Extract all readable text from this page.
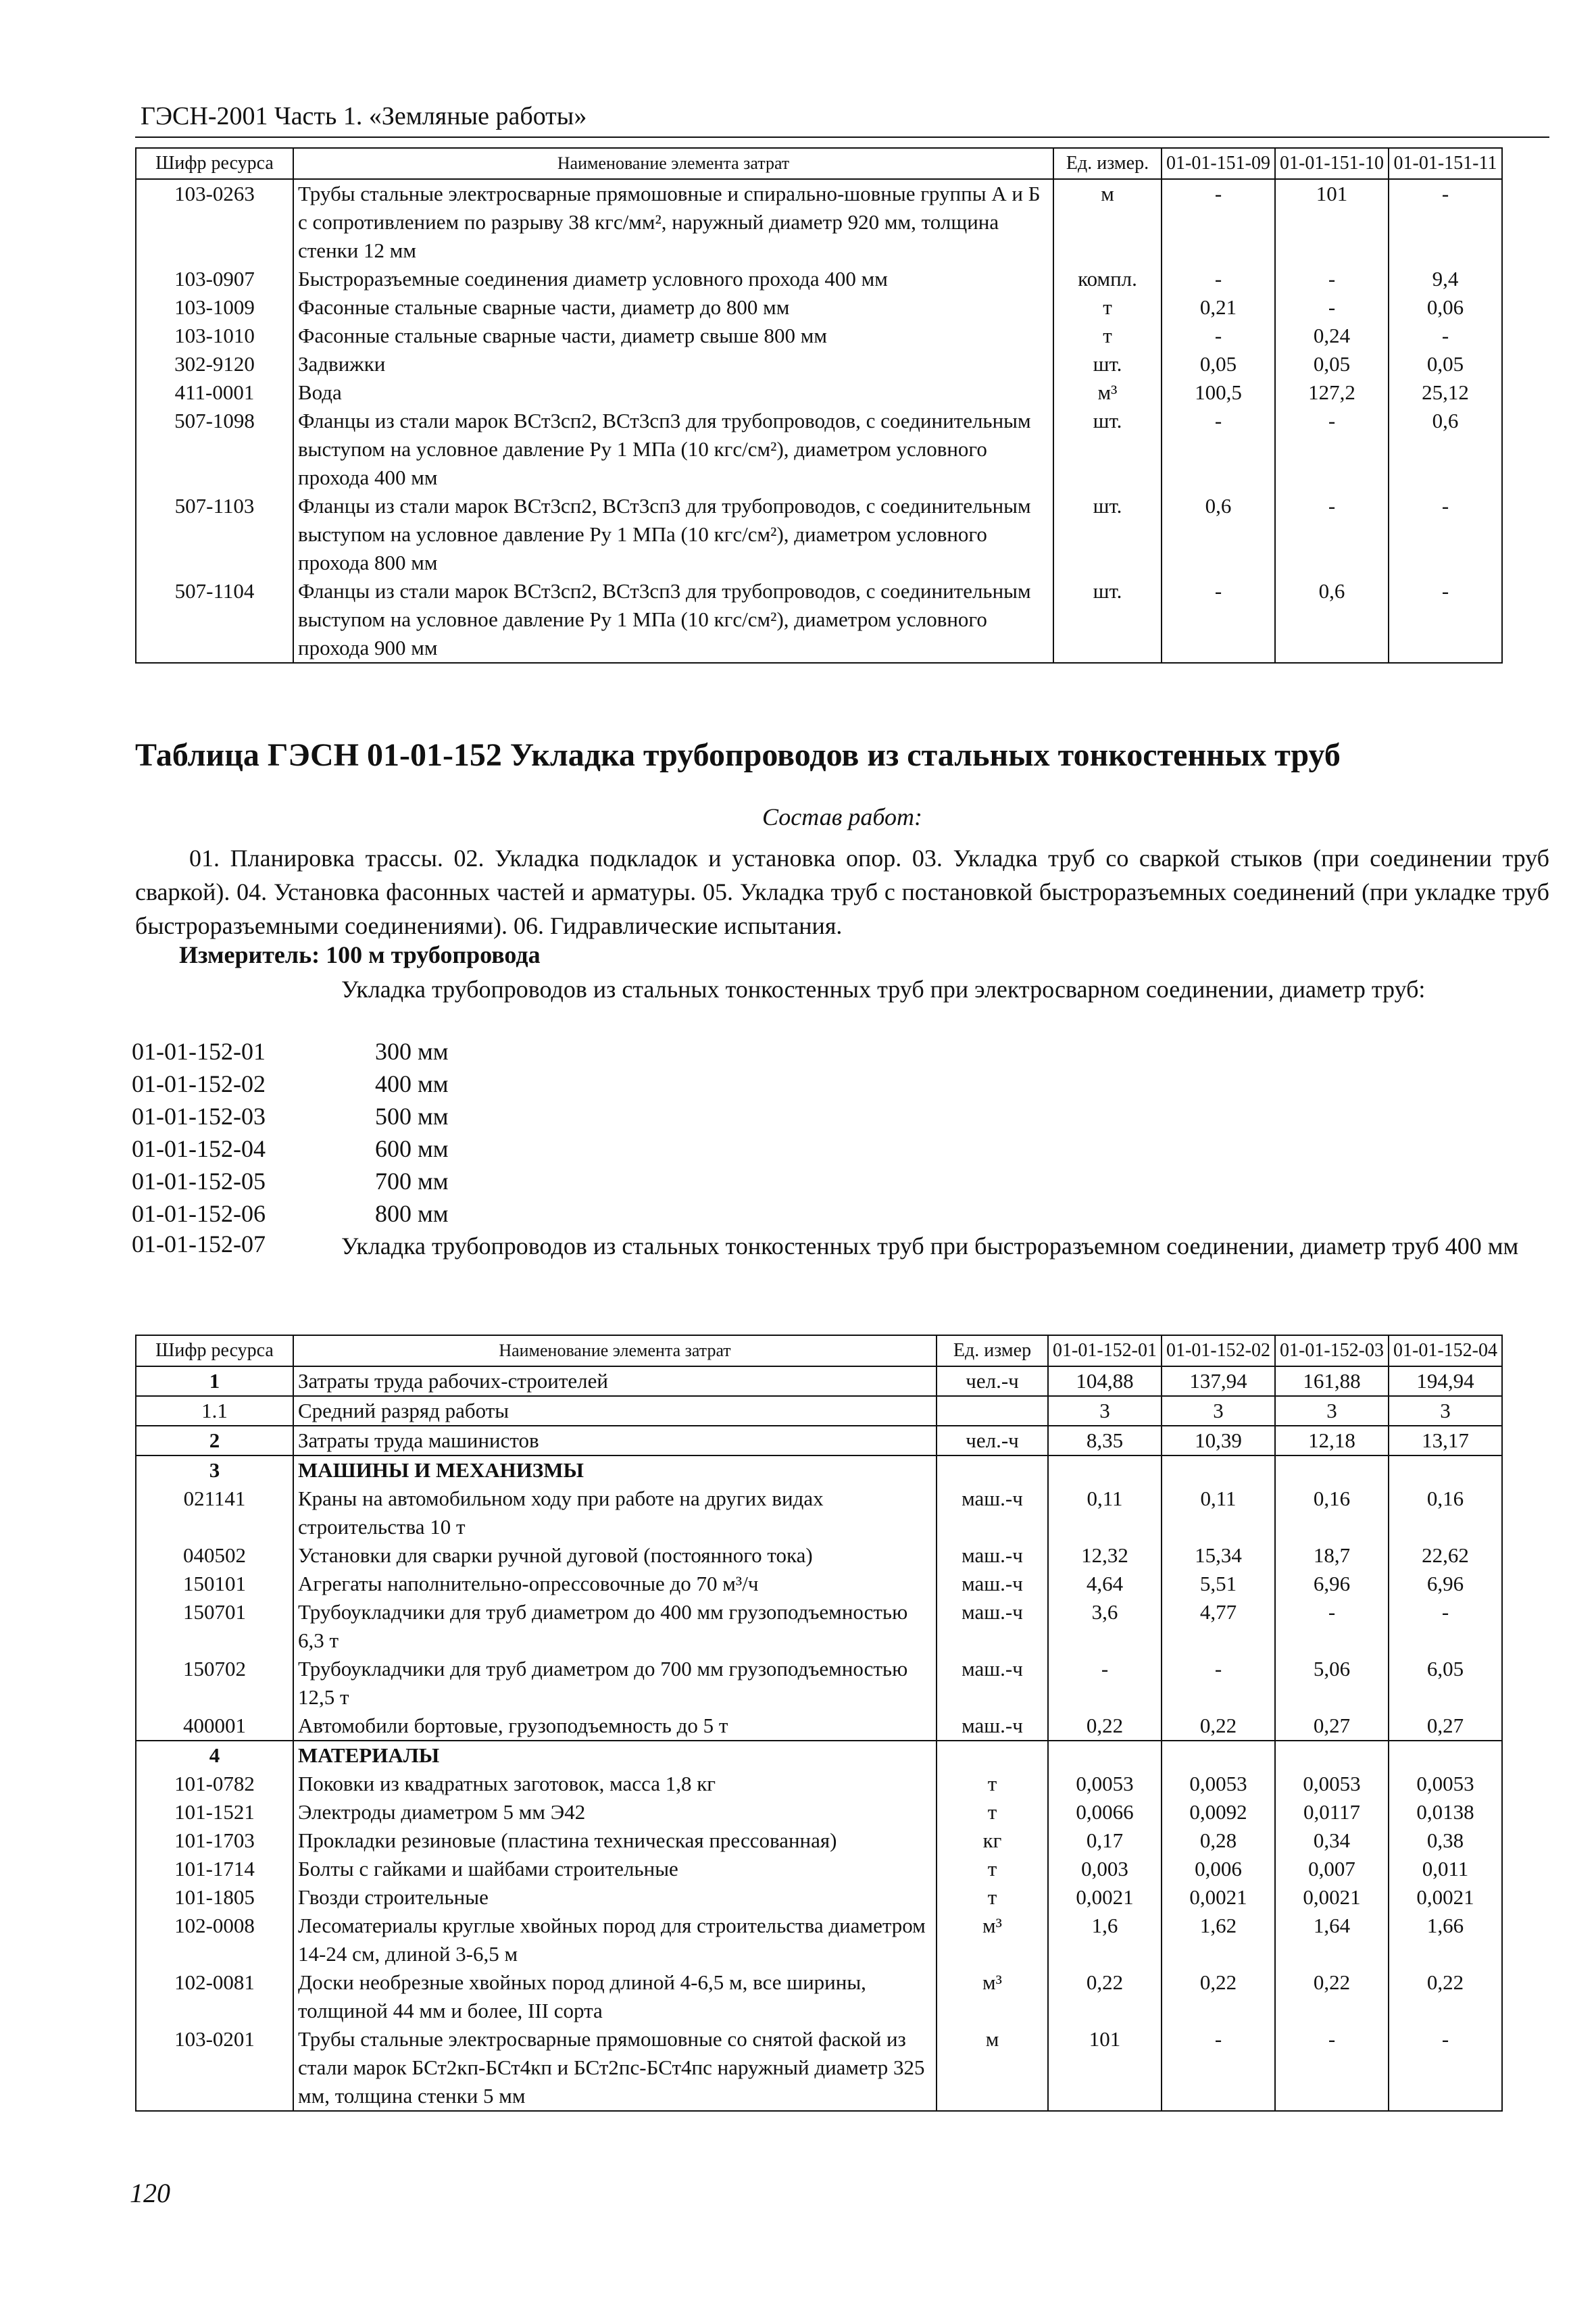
ГЭСН-2001 Часть 1. «Земляные работы»
Шифр ресурса	Наименование элемента затрат	Ед. измер.	01-01-151-09	01-01-151-10	01-01-151-11
103-0263	Трубы стальные электросварные прямошовные и спирально-шовные группы А и Б с сопротивлением по разрыву 38 кгс/мм², наружный диаметр 920 мм, толщина стенки 12 мм	м	-	101	-
103-0907	Быстроразъемные соединения диаметр условного прохода 400 мм	компл.	-	-	9,4
103-1009	Фасонные стальные сварные части, диаметр до 800 мм	т	0,21	-	0,06
103-1010	Фасонные стальные сварные части, диаметр свыше 800 мм	т	-	0,24	-
302-9120	Задвижки	шт.	0,05	0,05	0,05
411-0001	Вода	м³	100,5	127,2	25,12
507-1098	Фланцы из стали марок ВСт3сп2, ВСт3сп3 для трубопроводов, с соединительным выступом на условное давление Ру 1 МПа (10 кгс/см²), диаметром условного прохода 400 мм	шт.	-	-	0,6
507-1103	Фланцы из стали марок ВСт3сп2, ВСт3сп3 для трубопроводов, с соединительным выступом на условное давление Ру 1 МПа (10 кгс/см²), диаметром условного прохода 800 мм	шт.	0,6	-	-
507-1104	Фланцы из стали марок ВСт3сп2, ВСт3сп3 для трубопроводов, с соединительным выступом на условное давление Ру 1 МПа (10 кгс/см²), диаметром условного прохода 900 мм	шт.	-	0,6	-
Таблица ГЭСН 01-01-152 Укладка трубопроводов из стальных тонкостенных труб
Состав работ:
01. Планировка трассы. 02. Укладка подкладок и установка опор. 03. Укладка труб со сваркой стыков (при соединении труб сваркой). 04. Установка фасонных частей и арматуры. 05. Укладка труб с постановкой быстроразъемных соединений (при укладке труб быстроразъемными соединениями). 06. Гидравлические испытания.
Измеритель: 100 м трубопровода
Укладка трубопроводов из стальных тонкостенных труб при электросварном соединении, диаметр труб:
01-01-152-01	300 мм
01-01-152-02	400 мм
01-01-152-03	500 мм
01-01-152-04	600 мм
01-01-152-05	700 мм
01-01-152-06	800 мм
01-01-152-07	Укладка трубопроводов из стальных тонкостенных труб при быстроразъемном соединении, диаметр труб 400 мм
Шифр ресурса	Наименование элемента затрат	Ед. измер	01-01-152-01	01-01-152-02	01-01-152-03	01-01-152-04
1	Затраты труда рабочих-строителей	чел.-ч	104,88	137,94	161,88	194,94
1.1	Средний разряд работы		3	3	3	3
2	Затраты труда машинистов	чел.-ч	8,35	10,39	12,18	13,17
3	МАШИНЫ И МЕХАНИЗМЫ					
021141	Краны на автомобильном ходу при работе на других видах строительства 10 т	маш.-ч	0,11	0,11	0,16	0,16
040502	Установки для сварки ручной дуговой (постоянного тока)	маш.-ч	12,32	15,34	18,7	22,62
150101	Агрегаты наполнительно-опрессовочные до 70 м³/ч	маш.-ч	4,64	5,51	6,96	6,96
150701	Трубоукладчики для труб диаметром до 400 мм грузоподъемностью 6,3 т	маш.-ч	3,6	4,77	-	-
150702	Трубоукладчики для труб диаметром до 700 мм грузоподъемностью 12,5 т	маш.-ч	-	-	5,06	6,05
400001	Автомобили бортовые, грузоподъемность до 5 т	маш.-ч	0,22	0,22	0,27	0,27
4	МАТЕРИАЛЫ					
101-0782	Поковки из квадратных заготовок, масса 1,8 кг	т	0,0053	0,0053	0,0053	0,0053
101-1521	Электроды диаметром 5 мм Э42	т	0,0066	0,0092	0,0117	0,0138
101-1703	Прокладки резиновые (пластина техническая прессованная)	кг	0,17	0,28	0,34	0,38
101-1714	Болты с гайками и шайбами строительные	т	0,003	0,006	0,007	0,011
101-1805	Гвозди строительные	т	0,0021	0,0021	0,0021	0,0021
102-0008	Лесоматериалы круглые хвойных пород для строительства диаметром 14-24 см, длиной 3-6,5 м	м³	1,6	1,62	1,64	1,66
102-0081	Доски необрезные хвойных пород длиной 4-6,5 м, все ширины, толщиной 44 мм и более, III сорта	м³	0,22	0,22	0,22	0,22
103-0201	Трубы стальные электросварные прямошовные со снятой фаской из стали марок БСт2кп-БСт4кп и БСт2пс-БСт4пс наружный диаметр 325 мм, толщина стенки 5 мм	м	101	-	-	-
120
